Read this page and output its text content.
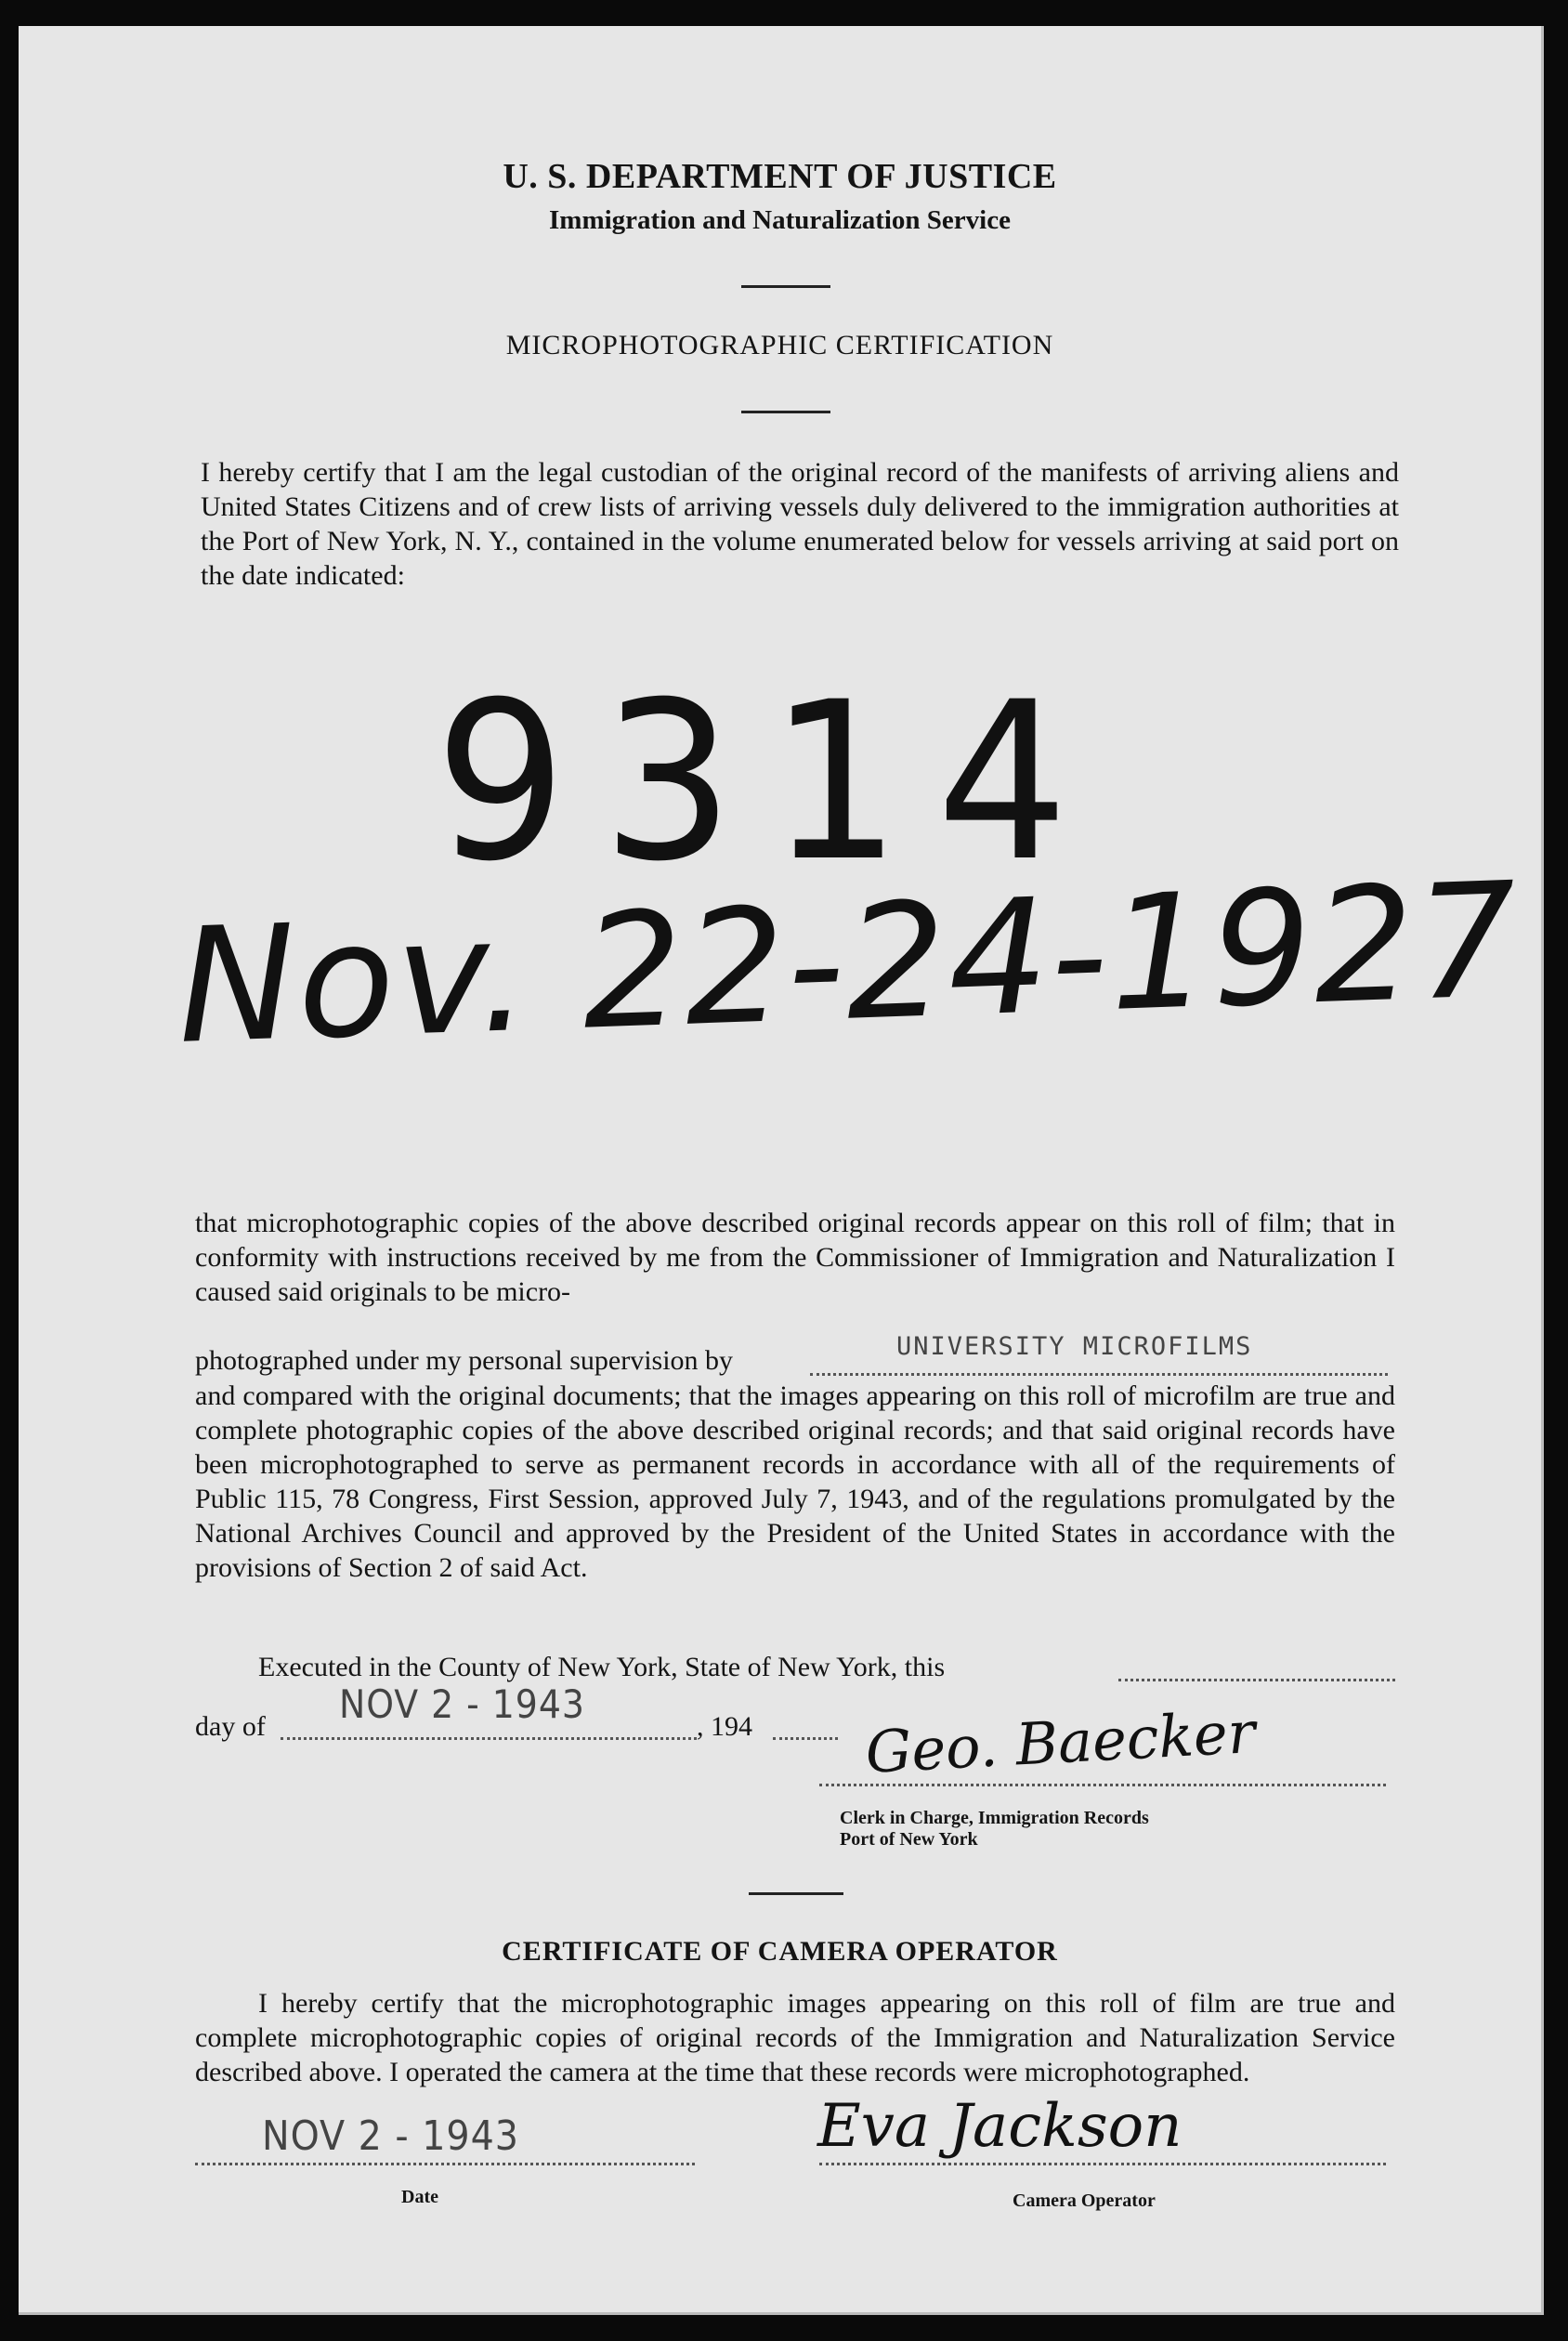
U. S. DEPARTMENT OF JUSTICE
Immigration and Naturalization Service
MICROPHOTOGRAPHIC CERTIFICATION
I hereby certify that I am the legal custodian of the original record of the manifests of arriving aliens and United States Citizens and of crew lists of arriving vessels duly delivered to the immigration authorities at the Port of New York, N. Y., contained in the volume enumerated below for vessels arriving at said port on the date indicated:
9314
Nov. 22-24-1927
that microphotographic copies of the above described original records appear on this roll of film; that in conformity with instructions received by me from the Commissioner of Immigration and Naturalization I caused said originals to be micro-
photographed under my personal supervision by	UNIVERSITY MICROFILMS
and compared with the original documents; that the images appearing on this roll of microfilm are true and complete photographic copies of the above described original records; and that said original records have been microphotographed to serve as permanent records in accordance with all of the requirements of Public 115, 78 Congress, First Session, approved July 7, 1943, and of the regulations promulgated by the National Archives Council and approved by the President of the United States in accordance with the provisions of Section 2 of said Act.
Executed in the County of New York, State of New York, this
day of NOV 2 - 1943	, 194 Geo. Baecker
Clerk in Charge, Immigration Records
Port of New York
CERTIFICATE OF CAMERA OPERATOR
I hereby certify that the microphotographic images appearing on this roll of film are true and complete microphotographic copies of original records of the Immigration and Naturalization Service described above. I operated the camera at the time that these records were microphotographed.
NOV 2 - 1943
Date
Eva Jackson
Camera Operator
